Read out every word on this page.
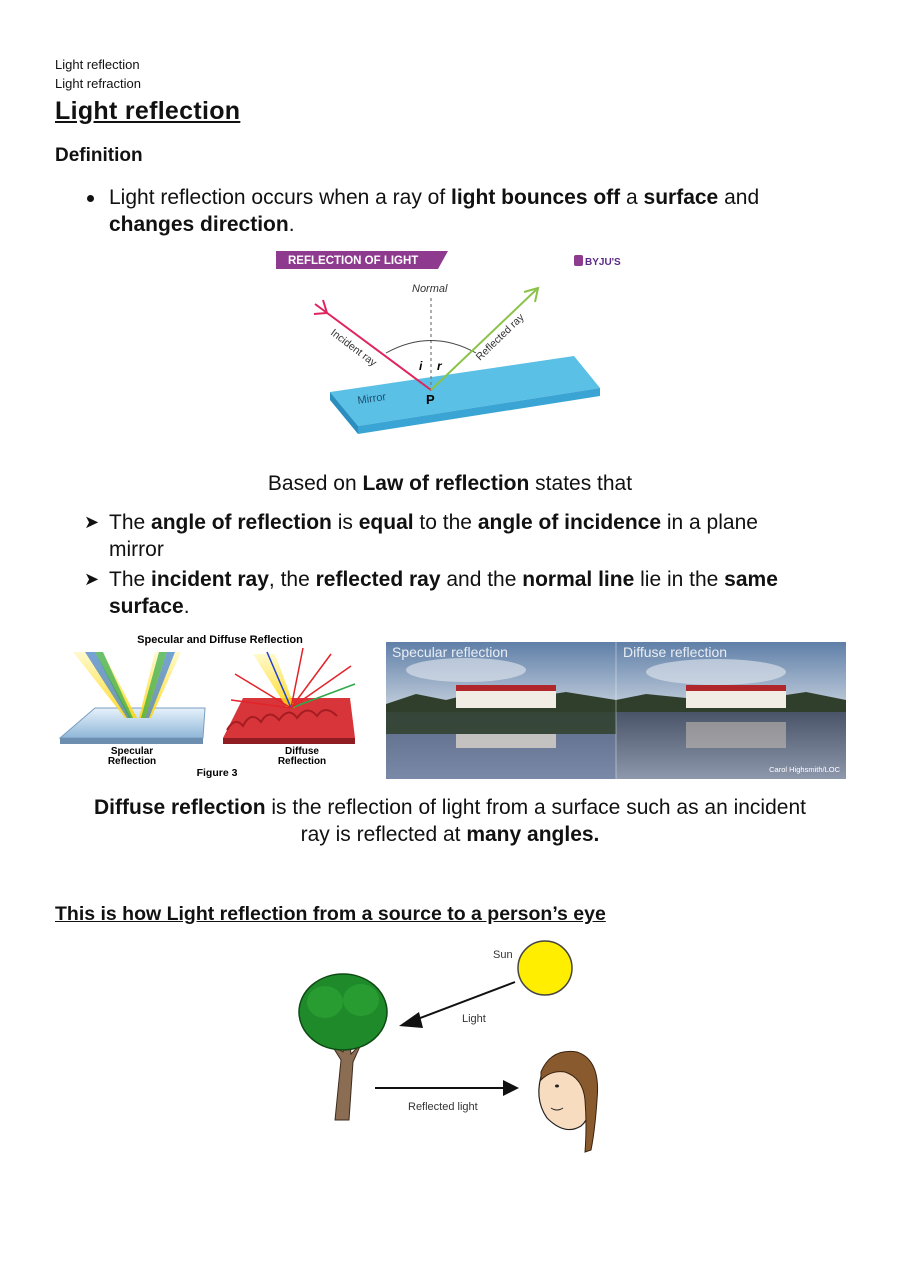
Light reflection
Light refraction
Light reflection
Definition
Light reflection occurs when a ray of light bounces off a surface and
changes direction.
REFLECTION OF LIGHT	BYJU'S
Mirror
Normal
i r
P
Incident ray	Reflected ray
Based on Law of reflection states that
➤ The angle of reflection is equal to the angle of incidence in a plane
mirror
➤ The incident ray, the reflected ray and the normal line lie in the same
surface.
Specular and Diffuse Reflection
Specular
Reflection
Diffuse
Reflection
Figure 3
Specular reflection	Diffuse reflection
Carol Highsmith/LOC
Diffuse reflection is the reflection of light from a surface such as an incident
ray is reflected at many angles.
This is how Light reflection from a source to a person’s eye
Sun
Light
Reflected light
